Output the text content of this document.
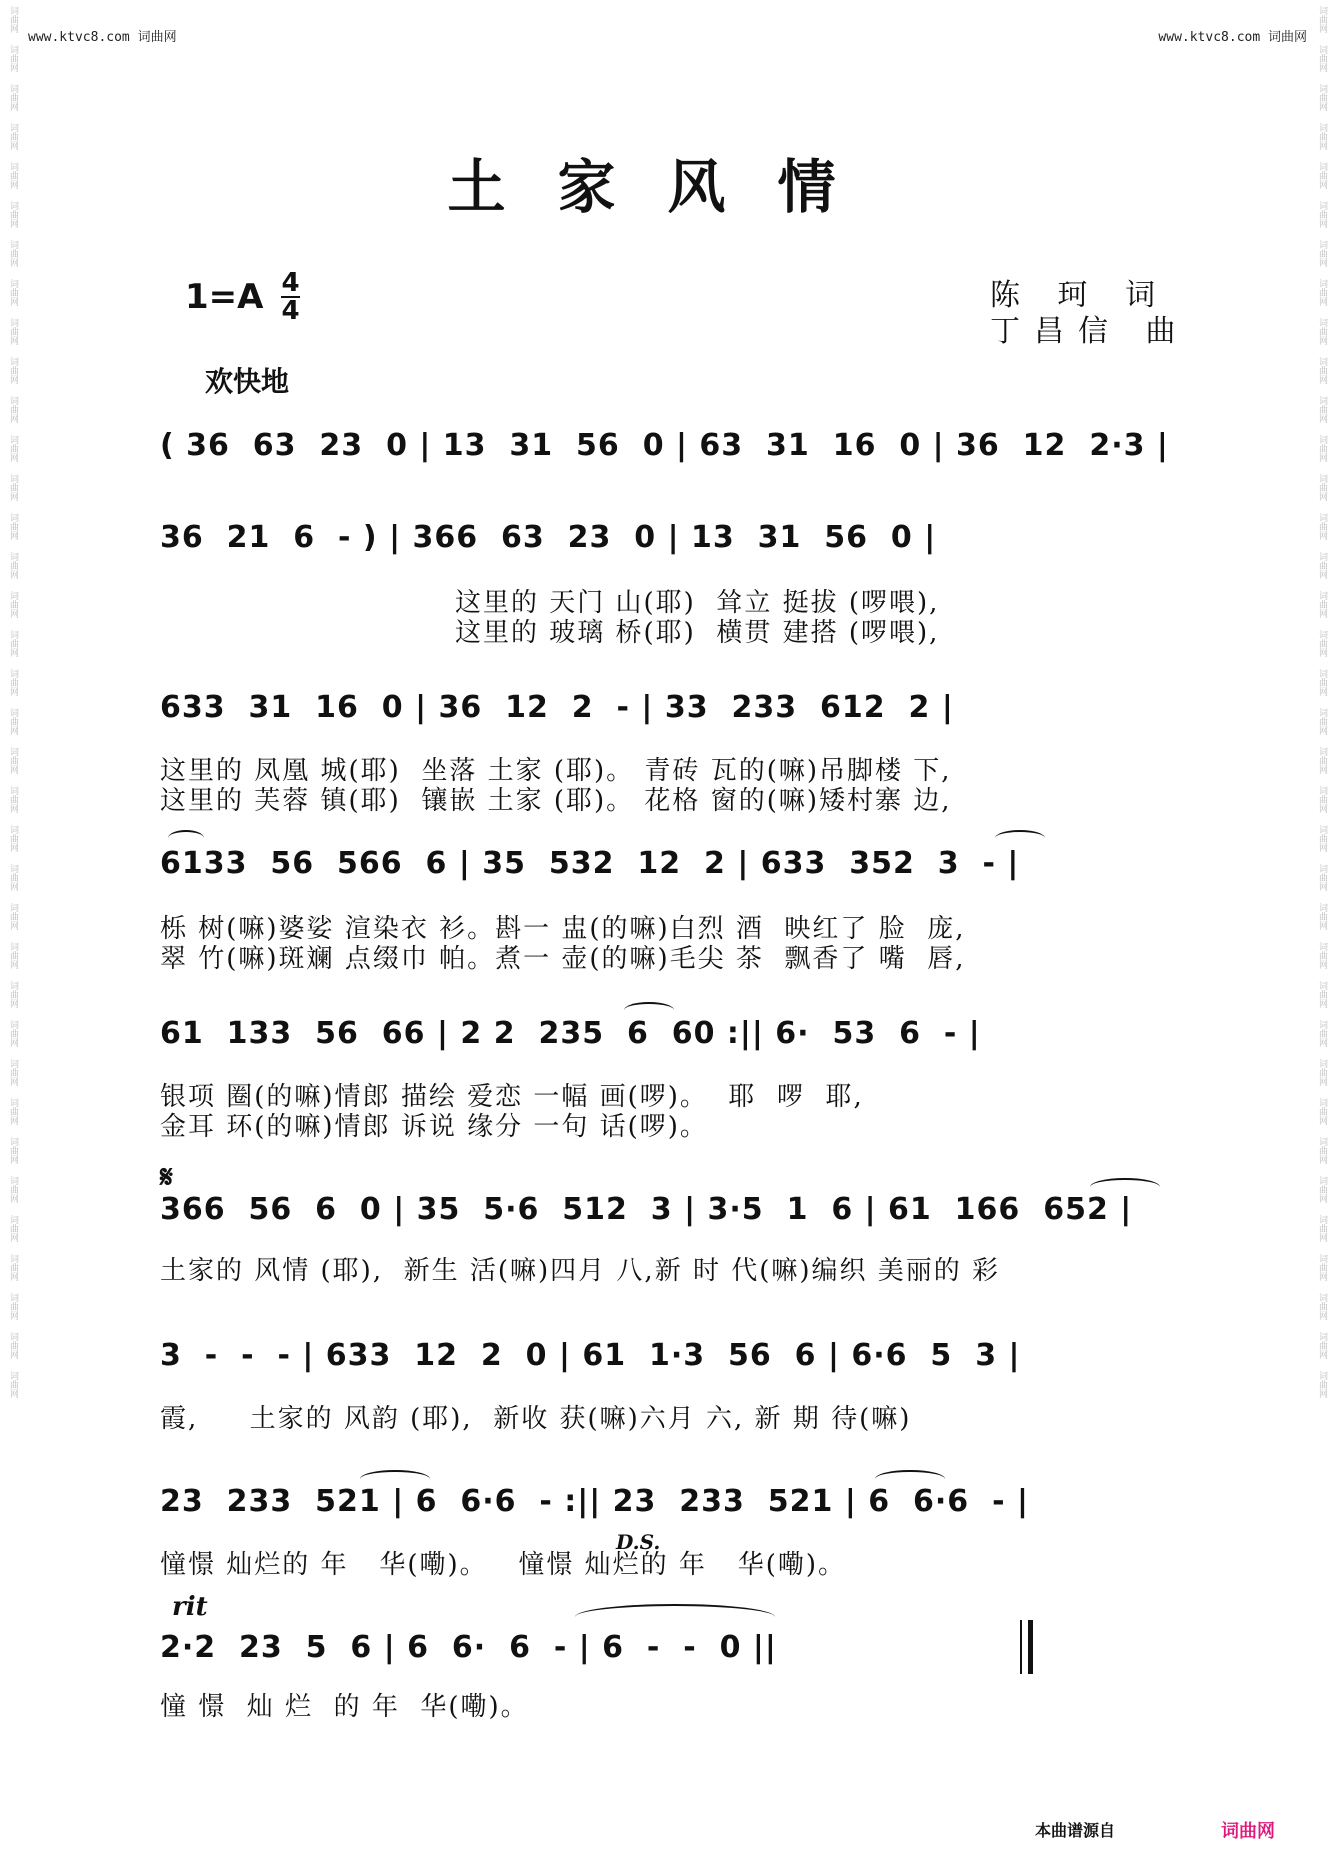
www.ktvc8.com 词曲网	www.ktvc8.com 词曲网
词曲网
词曲网
词曲网
词曲网
词曲网
词曲网
词曲网
词曲网
词曲网
词曲网
词曲网
词曲网
词曲网
词曲网
词曲网
词曲网
词曲网
词曲网
词曲网
词曲网
词曲网
词曲网
词曲网
词曲网
词曲网
词曲网
词曲网
词曲网
词曲网
词曲网
词曲网
词曲网
词曲网
词曲网
词曲网
词曲网
词曲网
词曲网
词曲网
词曲网
词曲网
词曲网
词曲网
词曲网
词曲网
词曲网
词曲网
词曲网
词曲网
词曲网
词曲网
词曲网
词曲网
词曲网
词曲网
词曲网
词曲网
词曲网
词曲网
词曲网
词曲网
词曲网
词曲网
词曲网
词曲网
词曲网
词曲网
词曲网
词曲网
词曲网
词曲网
词曲网
土家风情
$1=A \frac{4}{4}$	陈 珂 词
丁昌信 曲
欢快地
( 36  63  23  0 | 13  31  56  0 | 63  31  16  0 | 36  12  2·3 |
36  21  6  - ) | 366  63  23  0 | 13  31  56  0 |
这里的 天门 山(耶)  耸立 挺拔 (啰喂),
这里的 玻璃 桥(耶)  横贯 建搭 (啰喂),
633  31  16  0 | 36  12  2  - | 33  233  612  2 |
这里的 凤凰 城(耶)  坐落 土家 (耶)。 青砖 瓦的(嘛)吊脚楼 下,
这里的 芙蓉 镇(耶)  镶嵌 土家 (耶)。 花格 窗的(嘛)矮村寨 边,
6133  56  566  6 | 35  532  12  2 | 633  352  3  - |
栎 树(嘛)婆娑 渲染衣 衫。斟一 盅(的嘛)白烈 酒  映红了 脸  庞,
翠 竹(嘛)斑斓 点缀巾 帕。煮一 壶(的嘛)毛尖 茶  飘香了 嘴  唇,
61  133  56  66 | 2 2  235  6  60 :|| 6·  53  6  - |
银项 圈(的嘛)情郎 描绘 爱恋 一幅 画(啰)。  耶  啰  耶,
金耳 环(的嘛)情郎 诉说 缘分 一句 话(啰)。
𝄋
366  56  6  0 | 35  5·6  512  3 | 3·5  1  6 | 61  166  652 |
土家的 风情 (耶),  新生 活(嘛)四月 八,新 时 代(嘛)编织 美丽的 彩
3  -  -  - | 633  12  2  0 | 61  1·3  56  6 | 6·6  5  3 |
霞,     土家的 风韵 (耶),  新收 获(嘛)六月 六, 新 期 待(嘛)
23  233  521 | 6  6·6  - :|| 23  233  521 | 6  6·6  - |
憧憬 灿烂的 年   华(嘞)。   憧憬 灿烂的 年   华(嘞)。
D.S.
rit
2·2  23  5  6 | 6  6·  6  - | 6  -  -  0 ||
憧 憬  灿 烂  的 年  华(嘞)。
本曲谱源自	词曲网
